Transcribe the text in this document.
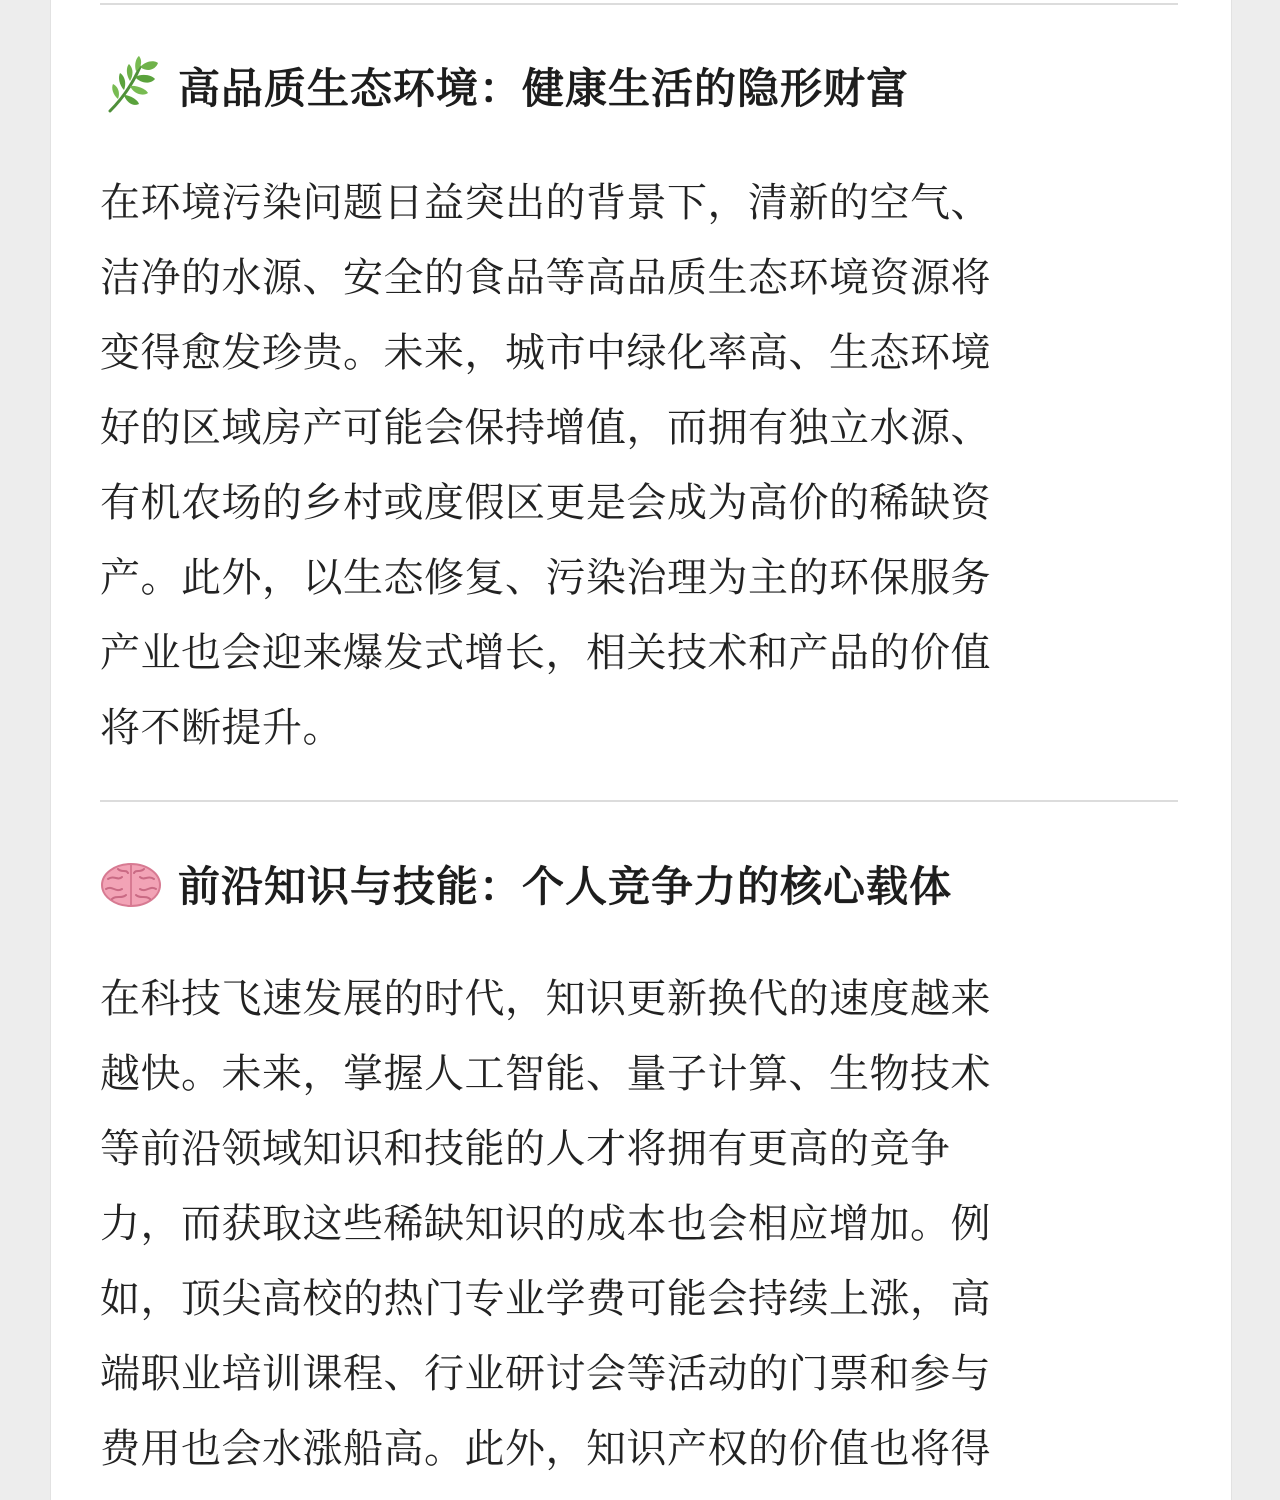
高品质生态环境：健康生活的隐形财富
在环境污染问题日益突出的背景下，清新的空气、
洁净的水源、安全的食品等高品质生态环境资源将
变得愈发珍贵。未来，城市中绿化率高、生态环境
好的区域房产可能会保持增值，而拥有独立水源、
有机农场的乡村或度假区更是会成为高价的稀缺资
产。此外，以生态修复、污染治理为主的环保服务
产业也会迎来爆发式增长，相关技术和产品的价值
将不断提升。
前沿知识与技能：个人竞争力的核心载体
在科技飞速发展的时代，知识更新换代的速度越来
越快。未来，掌握人工智能、量子计算、生物技术
等前沿领域知识和技能的人才将拥有更高的竞争
力，而获取这些稀缺知识的成本也会相应增加。例
如，顶尖高校的热门专业学费可能会持续上涨，高
端职业培训课程、行业研讨会等活动的门票和参与
费用也会水涨船高。此外，知识产权的价值也将得
